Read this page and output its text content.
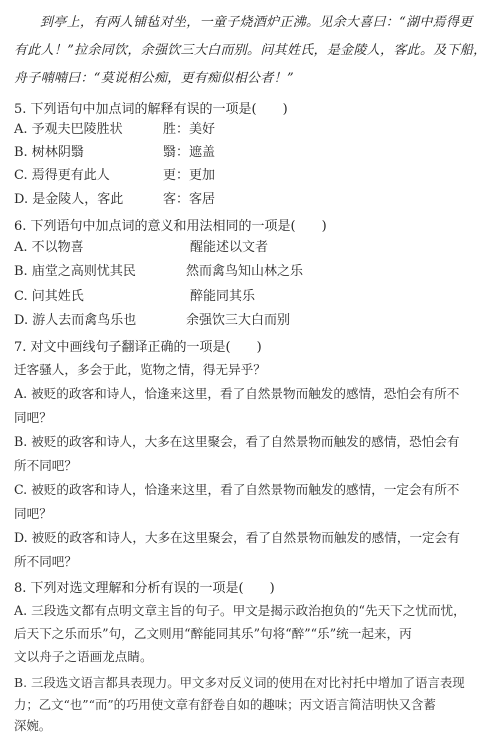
到亭上，有两人铺毡对坐，一童子烧酒炉正沸。见余大喜曰：“湖中焉得更
有此人！”拉余同饮，余强饮三大白而别。问其姓氏，是金陵人，客此。及下船，
舟子喃喃曰：“莫说相公痴，更有痴似相公者！”
5. 下列语句中加点词的解释有误的一项是(　　)
A. 予观夫巴陵胜状	胜：美好
B. 树林阴翳	翳：遮盖
C. 焉得更有此人	更：更加
D. 是金陵人，客此	客：客居
6. 下列语句中加点词的意义和用法相同的一项是(　　)
A. 不以物喜	醒能述以文者
B. 庙堂之高则忧其民	然而禽鸟知山林之乐
C. 问其姓氏	醉能同其乐
D. 游人去而禽鸟乐也	余强饮三大白而别
7. 对文中画线句子翻译正确的一项是(　　)
迁客骚人，多会于此，览物之情，得无异乎？
A. 被贬的政客和诗人，恰逢来这里，看了自然景物而触发的感情，恐怕会有所不
同吧？
B. 被贬的政客和诗人，大多在这里聚会，看了自然景物而触发的感情，恐怕会有
所不同吧？
C. 被贬的政客和诗人，恰逢来这里，看了自然景物而触发的感情，一定会有所不
同吧？
D. 被贬的政客和诗人，大多在这里聚会，看了自然景物而触发的感情，一定会有
所不同吧？
8. 下列对选文理解和分析有误的一项是(　　)
A. 三段选文都有点明文章主旨的句子。甲文是揭示政治抱负的“先天下之忧而忧，
后天下之乐而乐”句，乙文则用“醉能同其乐”句将“醉”“乐”统一起来，丙
文以舟子之语画龙点睛。
B. 三段选文语言都具表现力。甲文多对反义词的使用在对比衬托中增加了语言表现
力；乙文“也”“而”的巧用使文章有舒卷自如的趣味；丙文语言简洁明快又含蓄
深婉。
